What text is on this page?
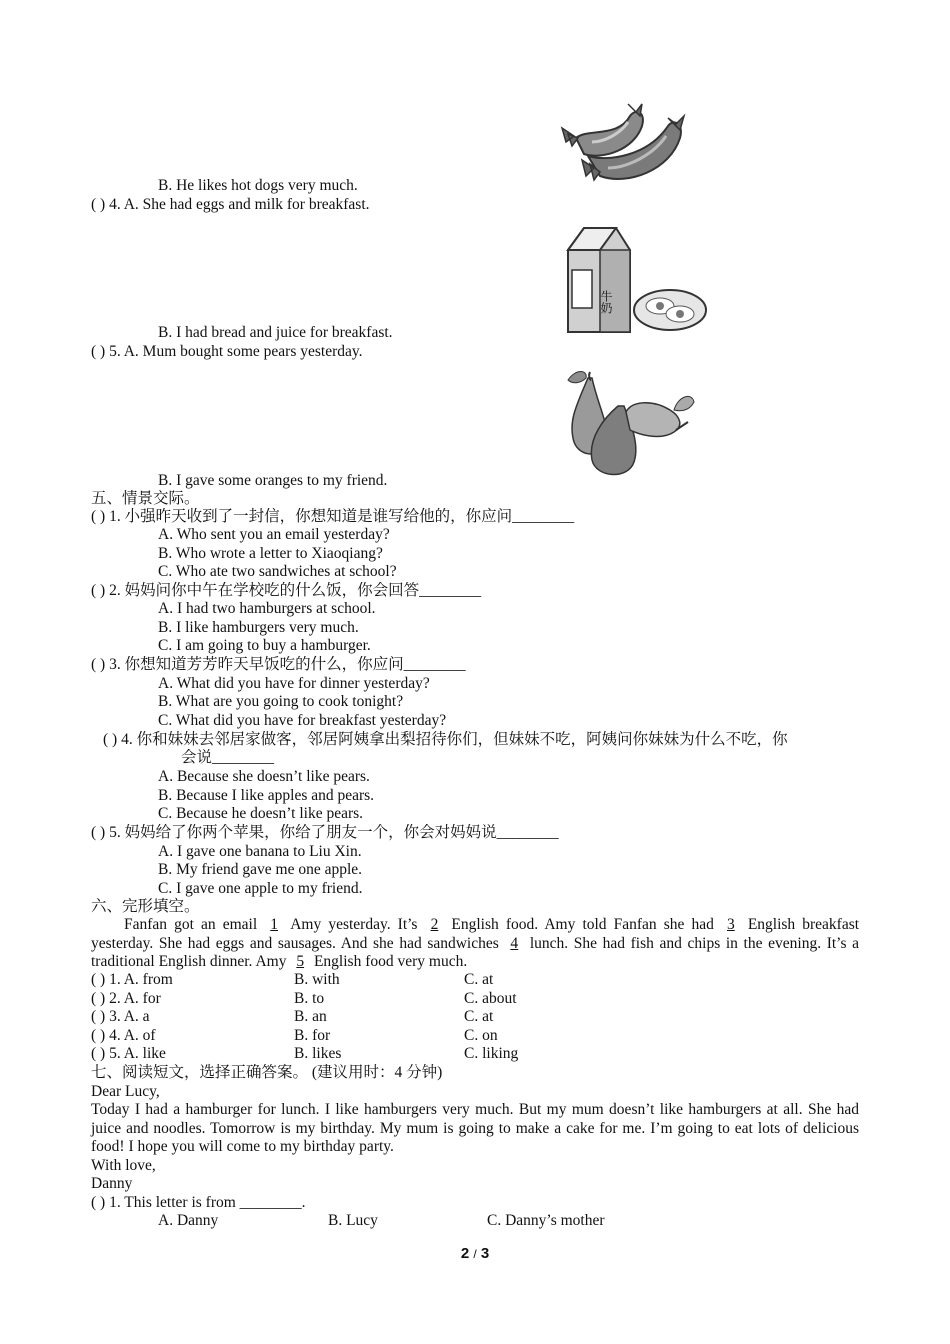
B. He likes hot dogs very much.
( ) 4. A. She had eggs and milk for breakfast.
牛奶
B. I had bread and juice for breakfast.
( ) 5. A. Mum bought some pears yesterday.
B. I gave some oranges to my friend.
五、情景交际。
( ) 1. 小强昨天收到了一封信，你想知道是谁写给他的，你应问________
A. Who sent you an email yesterday?
B. Who wrote a letter to Xiaoqiang?
C. Who ate two sandwiches at school?
( ) 2. 妈妈问你中午在学校吃的什么饭，你会回答________
A. I had two hamburgers at school.
B. I like hamburgers very much.
C. I am going to buy a hamburger.
( ) 3. 你想知道芳芳昨天早饭吃的什么，你应问________
A. What did you have for dinner yesterday?
B. What are you going to cook tonight?
C. What did you have for breakfast yesterday?
( ) 4. 你和妹妹去邻居家做客，邻居阿姨拿出梨招待你们，但妹妹不吃，阿姨问你妹妹为什么不吃，你
会说________
A. Because she doesn’t like pears.
B. Because I like apples and pears.
C. Because he doesn’t like pears.
( ) 5. 妈妈给了你两个苹果，你给了朋友一个，你会对妈妈说________
A. I gave one banana to Liu Xin.
B. My friend gave me one apple.
C. I gave one apple to my friend.
六、完形填空。
Fanfan got an email 1 Amy yesterday. It’s 2 English food. Amy told Fanfan she had 3 English breakfast yesterday. She had eggs and sausages. And she had sandwiches 4 lunch. She had fish and chips in the evening. It’s a traditional English dinner. Amy 5 English food very much.
( ) 1. A. from	B. with	C. at
( ) 2. A. for	B. to	C. about
( ) 3. A. a	B. an	C. at
( ) 4. A. of	B. for	C. on
( ) 5. A. like	B. likes	C. liking
七、阅读短文，选择正确答案。 (建议用时：4 分钟)
Dear Lucy,
Today I had a hamburger for lunch. I like hamburgers very much. But my mum doesn’t like hamburgers at all. She had juice and noodles. Tomorrow is my birthday. My mum is going to make a cake for me. I’m going to eat lots of delicious food! I hope you will come to my birthday party.
With love,
Danny
( ) 1. This letter is from ________.
A. Danny	B. Lucy	C. Danny’s mother
2 / 3
